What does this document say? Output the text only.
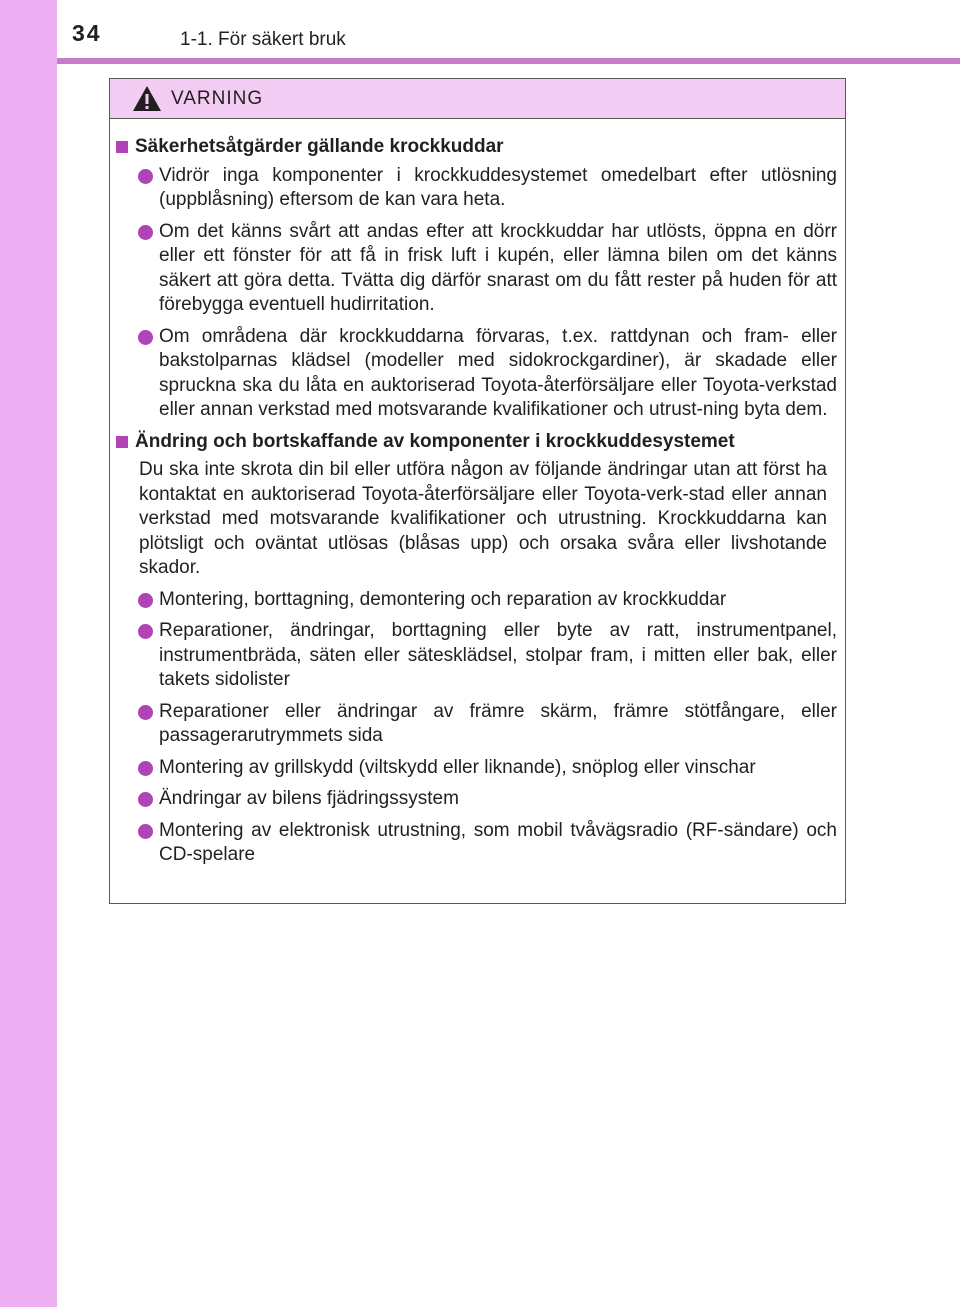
34	1-1. För säkert bruk
VARNING
Säkerhetsåtgärder gällande krockkuddar
Vidrör inga komponenter i krockkuddesystemet omedelbart efter utlösning (uppblåsning) eftersom de kan vara heta.
Om det känns svårt att andas efter att krockkuddar har utlösts, öppna en dörr eller ett fönster för att få in frisk luft i kupén, eller lämna bilen om det känns säkert att göra detta. Tvätta dig därför snarast om du fått rester på huden för att förebygga eventuell hudirritation.
Om områdena där krockkuddarna förvaras, t.ex. rattdynan och fram- eller bakstolparnas klädsel (modeller med sidokrockgardiner), är skadade eller spruckna ska du låta en auktoriserad Toyota-återförsäljare eller Toyota-verkstad eller annan verkstad med motsvarande kvalifikationer och utrust-ning byta dem.
Ändring och bortskaffande av komponenter i krockkuddesystemet
Du ska inte skrota din bil eller utföra någon av följande ändringar utan att först ha kontaktat en auktoriserad Toyota-återförsäljare eller Toyota-verk-stad eller annan verkstad med motsvarande kvalifikationer och utrustning. Krockkuddarna kan plötsligt och oväntat utlösas (blåsas upp) och orsaka svåra eller livshotande skador.
Montering, borttagning, demontering och reparation av krockkuddar
Reparationer, ändringar, borttagning eller byte av ratt, instrumentpanel, instrumentbräda, säten eller sätesklädsel, stolpar fram, i mitten eller bak, eller takets sidolister
Reparationer eller ändringar av främre skärm, främre stötfångare, eller passagerarutrymmets sida
Montering av grillskydd (viltskydd eller liknande), snöplog eller vinschar
Ändringar av bilens fjädringssystem
Montering av elektronisk utrustning, som mobil tvåvägsradio (RF-sändare) och CD-spelare
